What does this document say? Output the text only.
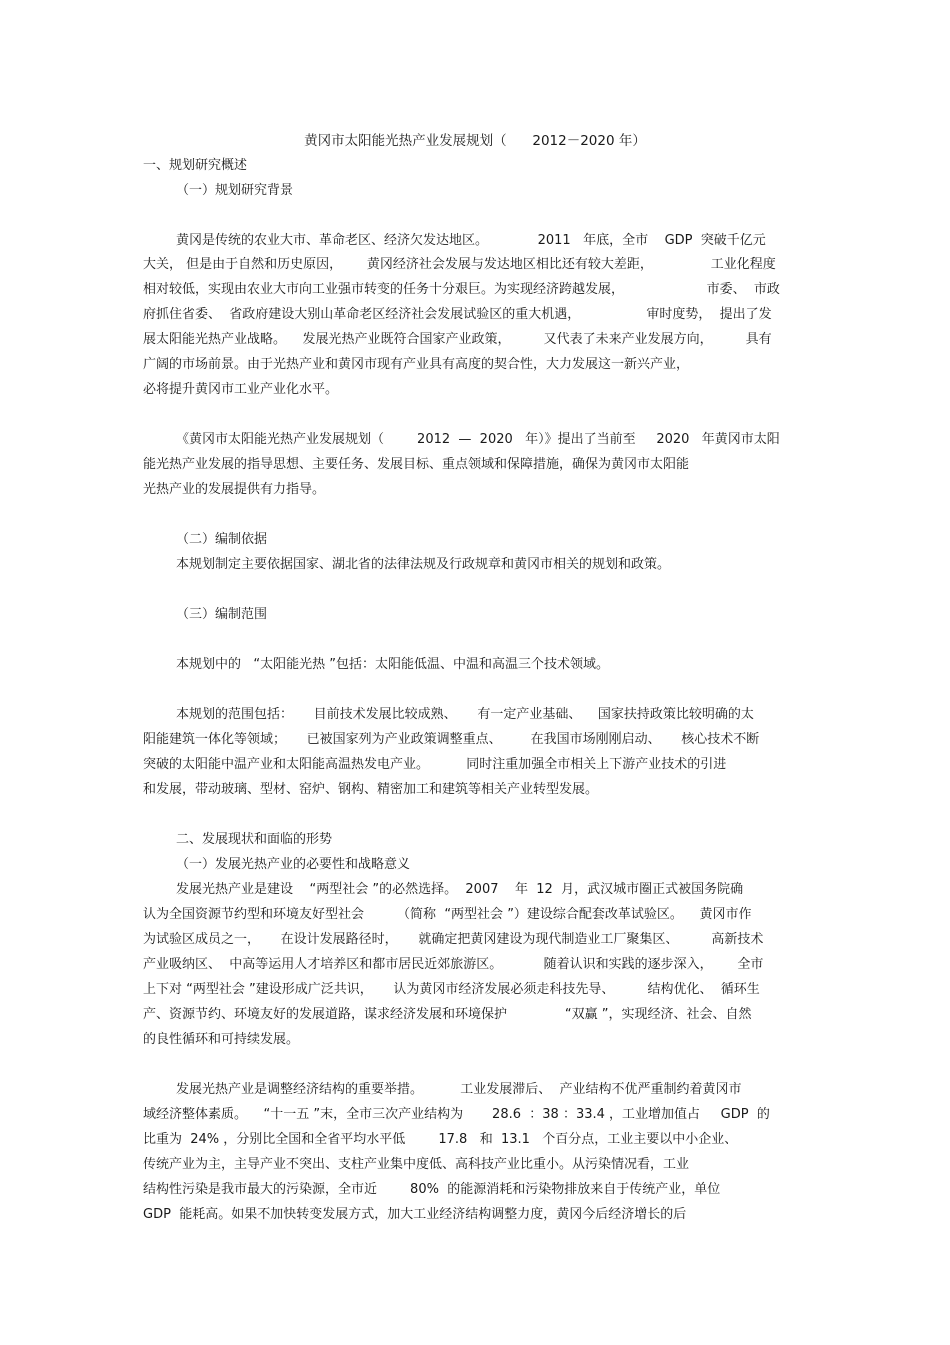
黄冈市太阳能光热产业发展规划（      2012－2020 年）
一、规划研究概述
（一）规划研究背景
黄冈是传统的农业大市、革命老区、经济欠发达地区。            2011   年底，全市    GDP  突破千亿元
大关， 但是由于自然和历史原因，      黄冈经济社会发展与发达地区相比还有较大差距，              工业化程度
相对较低，实现由农业大市向工业强市转变的任务十分艰巨。为实现经济跨越发展，                    市委、  市政
府抓住省委、  省政府建设大别山革命老区经济社会发展试验区的重大机遇，                审时度势，  提出了发
展太阳能光热产业战略。    发展光热产业既符合国家产业政策，        又代表了未来产业发展方向，        具有
广阔的市场前景。由于光热产业和黄冈市现有产业具有高度的契合性，大力发展这一新兴产业，
必将提升黄冈市工业产业化水平。
《黄冈市太阳能光热产业发展规划（        2012  —  2020   年）》提出了当前至     2020   年黄冈市太阳
能光热产业发展的指导思想、主要任务、发展目标、重点领域和保障措施，确保为黄冈市太阳能
光热产业的发展提供有力指导。
（二）编制依据
本规划制定主要依据国家、湖北省的法律法规及行政规章和黄冈市相关的规划和政策。
（三）编制范围
本规划中的   “太阳能光热 ”包括：太阳能低温、中温和高温三个技术领域。
本规划的范围包括：     目前技术发展比较成熟、     有一定产业基础、    国家扶持政策比较明确的太
阳能建筑一体化等领域；     已被国家列为产业政策调整重点、       在我国市场刚刚启动、     核心技术不断
突破的太阳能中温产业和太阳能高温热发电产业。         同时注重加强全市相关上下游产业技术的引进
和发展，带动玻璃、型材、窑炉、钢构、精密加工和建筑等相关产业转型发展。
二、发展现状和面临的形势
（一）发展光热产业的必要性和战略意义
发展光热产业是建设    “两型社会 ”的必然选择。  2007    年  12  月，武汉城市圈正式被国务院确
认为全国资源节约型和环境友好型社会        （简称  “两型社会 ”）建设综合配套改革试验区。    黄冈市作
为试验区成员之一，     在设计发展路径时，     就确定把黄冈建设为现代制造业工厂聚集区、        高新技术
产业吸纳区、  中高等运用人才培养区和都市居民近郊旅游区。          随着认识和实践的逐步深入，      全市
上下对 “两型社会 ”建设形成广泛共识，     认为黄冈市经济发展必须走科技先导、        结构优化、  循环生
产、资源节约、环境友好的发展道路，谋求经济发展和环境保护              “双赢 ”，实现经济、社会、自然
的良性循环和可持续发展。
发展光热产业是调整经济结构的重要举措。         工业发展滞后、  产业结构不优严重制约着黄冈市
域经济整体素质。    “十一五 ”末，全市三次产业结构为       28.6  ：38 ：33.4 ，工业增加值占     GDP  的
比重为  24% ，分别比全国和全省平均水平低        17.8   和  13.1   个百分点，工业主要以中小企业、
传统产业为主，主导产业不突出、支柱产业集中度低、高科技产业比重小。从污染情况看，工业
结构性污染是我市最大的污染源，全市近        80%  的能源消耗和污染物排放来自于传统产业，单位
GDP  能耗高。如果不加快转变发展方式，加大工业经济结构调整力度，黄冈今后经济增长的后
